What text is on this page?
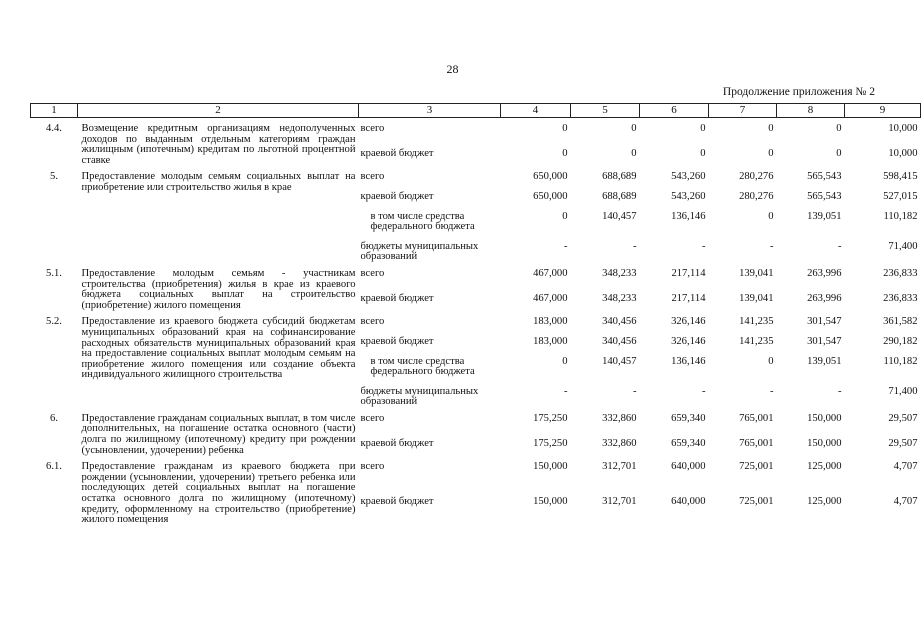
28
Продолжение приложения № 2
1	2	3	4	5	6	7	8	9
4.4.	Возмещение кредитным организациям недополученных доходов по выданным отдельным категориям граждан жилищным (ипотечным) кредитам по льготной процентной ставке	всего	0	0	0	0	0	10,000
		краевой бюджет	0	0	0	0	0	10,000
5.	Предоставление молодым семьям социальных выплат на приобретение или строительство жилья в крае	всего	650,000	688,689	543,260	280,276	565,543	598,415
		краевой бюджет	650,000	688,689	543,260	280,276	565,543	527,015
		в том числе средства федерального бюджета	0	140,457	136,146	0	139,051	110,182
		бюджеты муниципальных образований	-	-	-	-	-	71,400
5.1.	Предоставление молодым семьям - участникам строительства (приобретения) жилья в крае из краевого бюджета социальных выплат на строительство (приобретение) жилого помещения	всего	467,000	348,233	217,114	139,041	263,996	236,833
		краевой бюджет	467,000	348,233	217,114	139,041	263,996	236,833
5.2.	Предоставление из краевого бюджета субсидий бюджетам муниципальных образований края на софинансирование расходных обязательств муниципальных образований края на предоставление социальных выплат молодым семьям на приобретение жилого помещения или создание объекта индивидуального жилищного строительства	всего	183,000	340,456	326,146	141,235	301,547	361,582
		краевой бюджет	183,000	340,456	326,146	141,235	301,547	290,182
		в том числе средства федерального бюджета	0	140,457	136,146	0	139,051	110,182
		бюджеты муниципальных образований	-	-	-	-	-	71,400
6.	Предоставление гражданам социальных выплат, в том числе дополнительных, на погашение остатка основного (части) долга по жилищному (ипотечному) кредиту при рождении (усыновлении, удочерении) ребенка	всего	175,250	332,860	659,340	765,001	150,000	29,507
		краевой бюджет	175,250	332,860	659,340	765,001	150,000	29,507
6.1.	Предоставление гражданам из краевого бюджета при рождении (усыновлении, удочерении) третьего ребенка или последующих детей социальных выплат на погашение остатка основного долга по жилищному (ипотечному) кредиту, оформленному на строительство (приобретение) жилого помещения	всего	150,000	312,701	640,000	725,001	125,000	4,707
		краевой бюджет	150,000	312,701	640,000	725,001	125,000	4,707
